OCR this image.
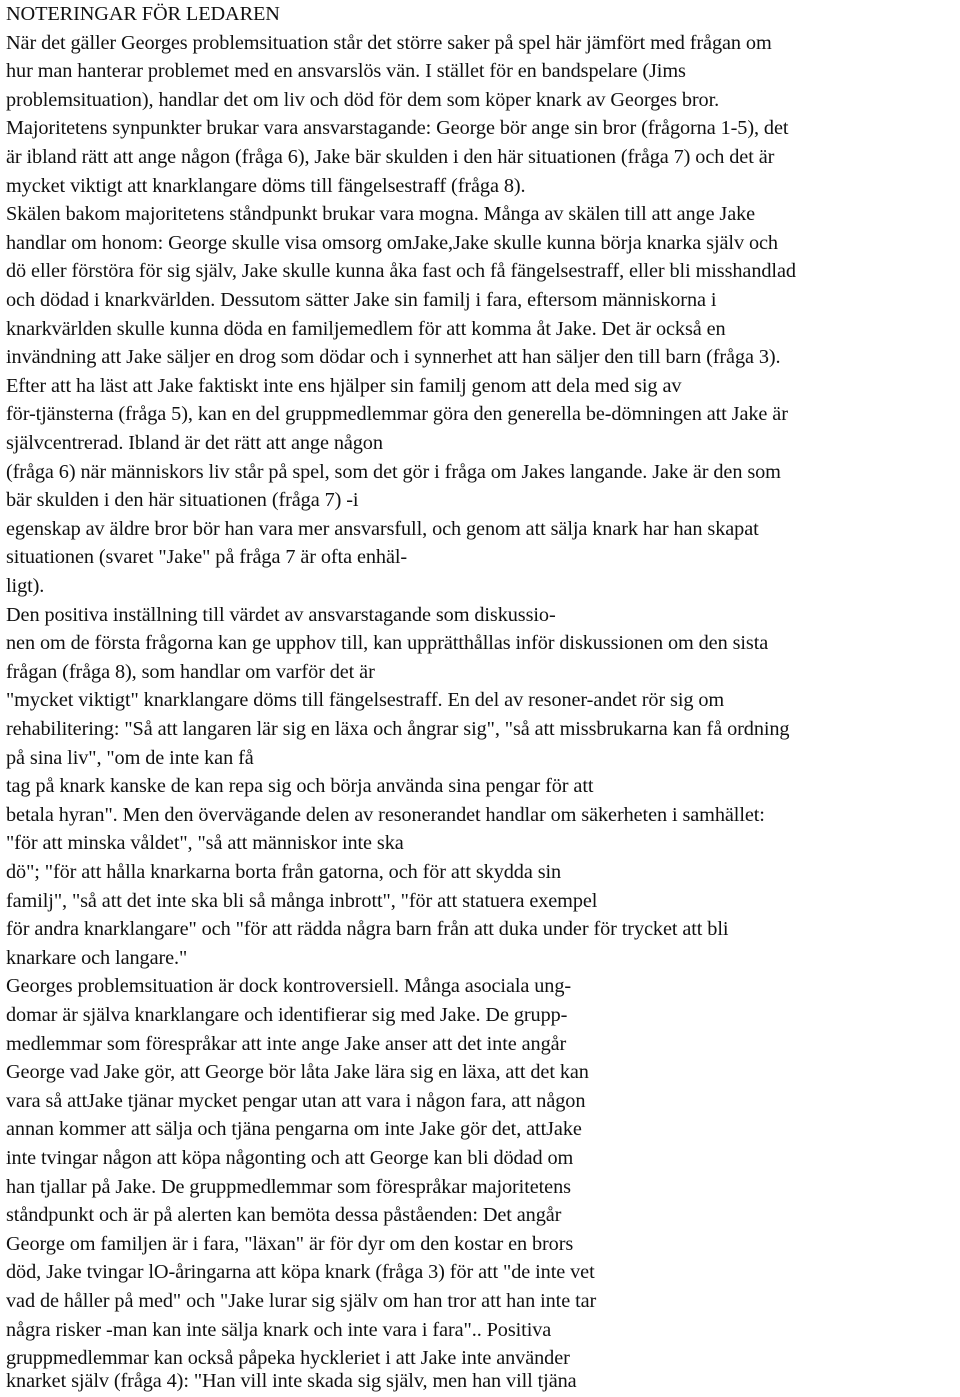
NOTERINGAR FÖR LEDAREN
När det gäller Georges problemsituation står det större saker på spel här jämfört med frågan om
hur man hanterar problemet med en ansvarslös vän. I stället för en bandspelare (Jims
problemsituation), handlar det om liv och död för dem som köper knark av Georges bror.
Majoritetens synpunkter brukar vara ansvarstagande: George bör ange sin bror (frågorna 1-5), det
är ibland rätt att ange någon (fråga 6), Jake bär skulden i den här situationen (fråga 7) och det är
mycket viktigt att knarklangare döms till fängelsestraff (fråga 8).
Skälen bakom majoritetens ståndpunkt brukar vara mogna. Många av skälen till att ange Jake
handlar om honom: George skulle visa omsorg omJake,Jake skulle kunna börja knarka själv och
dö eller förstöra för sig själv, Jake skulle kunna åka fast och få fängelsestraff, eller bli misshandlad
och dödad i knarkvärlden. Dessutom sätter Jake sin familj i fara, eftersom människorna i
knarkvärlden skulle kunna döda en familjemedlem för att komma åt Jake. Det är också en
invändning att Jake säljer en drog som dödar och i synnerhet att han säljer den till barn (fråga 3).
Efter att ha läst att Jake faktiskt inte ens hjälper sin familj genom att dela med sig av
för-tjänsterna (fråga 5), kan en del gruppmedlemmar göra den generella be-dömningen att Jake är
självcentrerad. Ibland är det rätt att ange någon
(fråga 6) när människors liv står på spel, som det gör i fråga om Jakes langande. Jake är den som
bär skulden i den här situationen (fråga 7) -i
egenskap av äldre bror bör han vara mer ansvarsfull, och genom att sälja knark har han skapat
situationen (svaret "Jake" på fråga 7 är ofta enhäl-
ligt).
Den positiva inställning till värdet av ansvarstagande som diskussio-
nen om de första frågorna kan ge upphov till, kan upprätthållas inför diskussionen om den sista
frågan (fråga 8), som handlar om varför det är
"mycket viktigt" knarklangare döms till fängelsestraff. En del av resoner-andet rör sig om
rehabilitering: "Så att langaren lär sig en läxa och ångrar sig", "så att missbrukarna kan få ordning
på sina liv", "om de inte kan få
tag på knark kanske de kan repa sig och börja använda sina pengar för att
betala hyran". Men den övervägande delen av resonerandet handlar om säkerheten i samhället:
"för att minska våldet", "så att människor inte ska
dö"; "för att hålla knarkarna borta från gatorna, och för att skydda sin
familj", "så att det inte ska bli så många inbrott", "för att statuera exempel
för andra knarklangare" och "för att rädda några barn från att duka under för trycket att bli
knarkare och langare."
Georges problemsituation är dock kontroversiell. Många asociala ung-
domar är själva knarklangare och identifierar sig med Jake. De grupp-
medlemmar som förespråkar att inte ange Jake anser att det inte angår
George vad Jake gör, att George bör låta Jake lära sig en läxa, att det kan
vara så attJake tjänar mycket pengar utan att vara i någon fara, att någon
annan kommer att sälja och tjäna pengarna om inte Jake gör det, attJake
inte tvingar någon att köpa någonting och att George kan bli dödad om
han tjallar på Jake. De gruppmedlemmar som förespråkar majoritetens
ståndpunkt och är på alerten kan bemöta dessa påståenden: Det angår
George om familjen är i fara, "läxan" är för dyr om den kostar en brors
död, Jake tvingar lO-åringarna att köpa knark (fråga 3) för att "de inte vet
vad de håller på med" och "Jake lurar sig själv om han tror att han inte tar
några risker -man kan inte sälja knark och inte vara i fara".. Positiva
gruppmedlemmar kan också påpeka hyckleriet i att Jake inte använder
knarket själv (fråga 4): "Han vill inte skada sig själv, men han vill tjäna
